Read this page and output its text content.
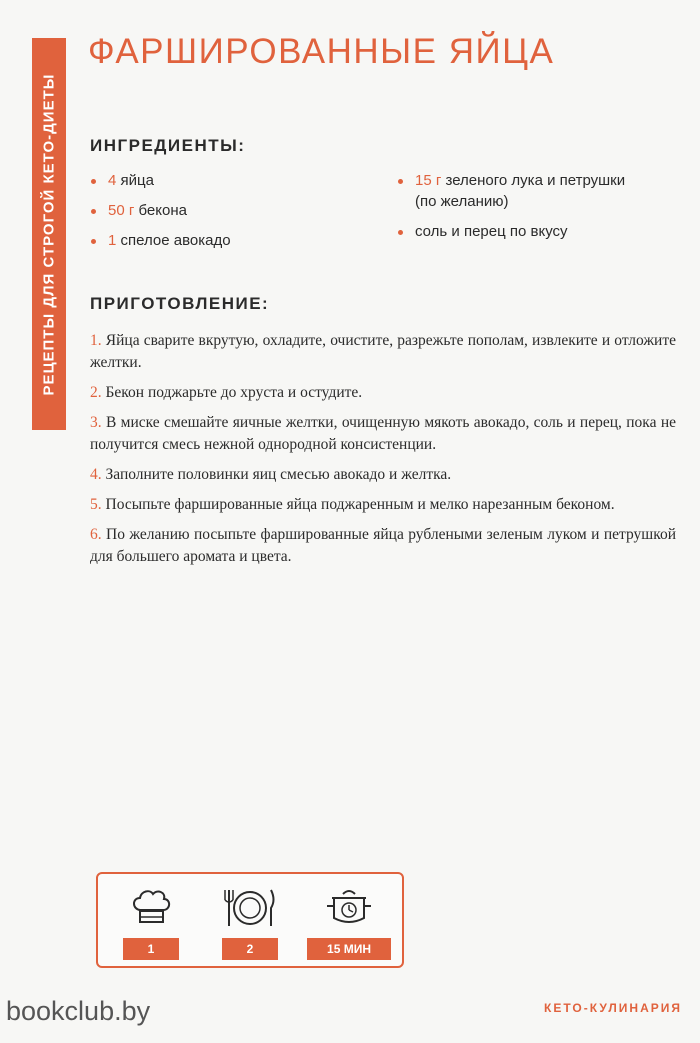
РЕЦЕПТЫ ДЛЯ СТРОГОЙ КЕТО-ДИЕТЫ
ФАРШИРОВАННЫЕ ЯЙЦА
ИНГРЕДИЕНТЫ:
4 яйца
50 г бекона
1 спелое авокадо
15 г зеленого лука и петрушки (по желанию)
соль и перец по вкусу
ПРИГОТОВЛЕНИЕ:
1. Яйца сварите вкрутую, охладите, очистите, разрежьте пополам, извлеките и отложите желтки.
2. Бекон поджарьте до хруста и остудите.
3. В миске смешайте яичные желтки, очищенную мякоть авокадо, соль и перец, пока не получится смесь нежной однородной консистенции.
4. Заполните половинки яиц смесью авокадо и желтка.
5. Посыпьте фаршированные яйца поджаренным и мелко нарезанным беконом.
6. По желанию посыпьте фаршированные яйца рублеными зеленым луком и петрушкой для большего аромата и цвета.
1	2	15 МИН
bookclub.by	КЕТО-КУЛИНАРИЯ
